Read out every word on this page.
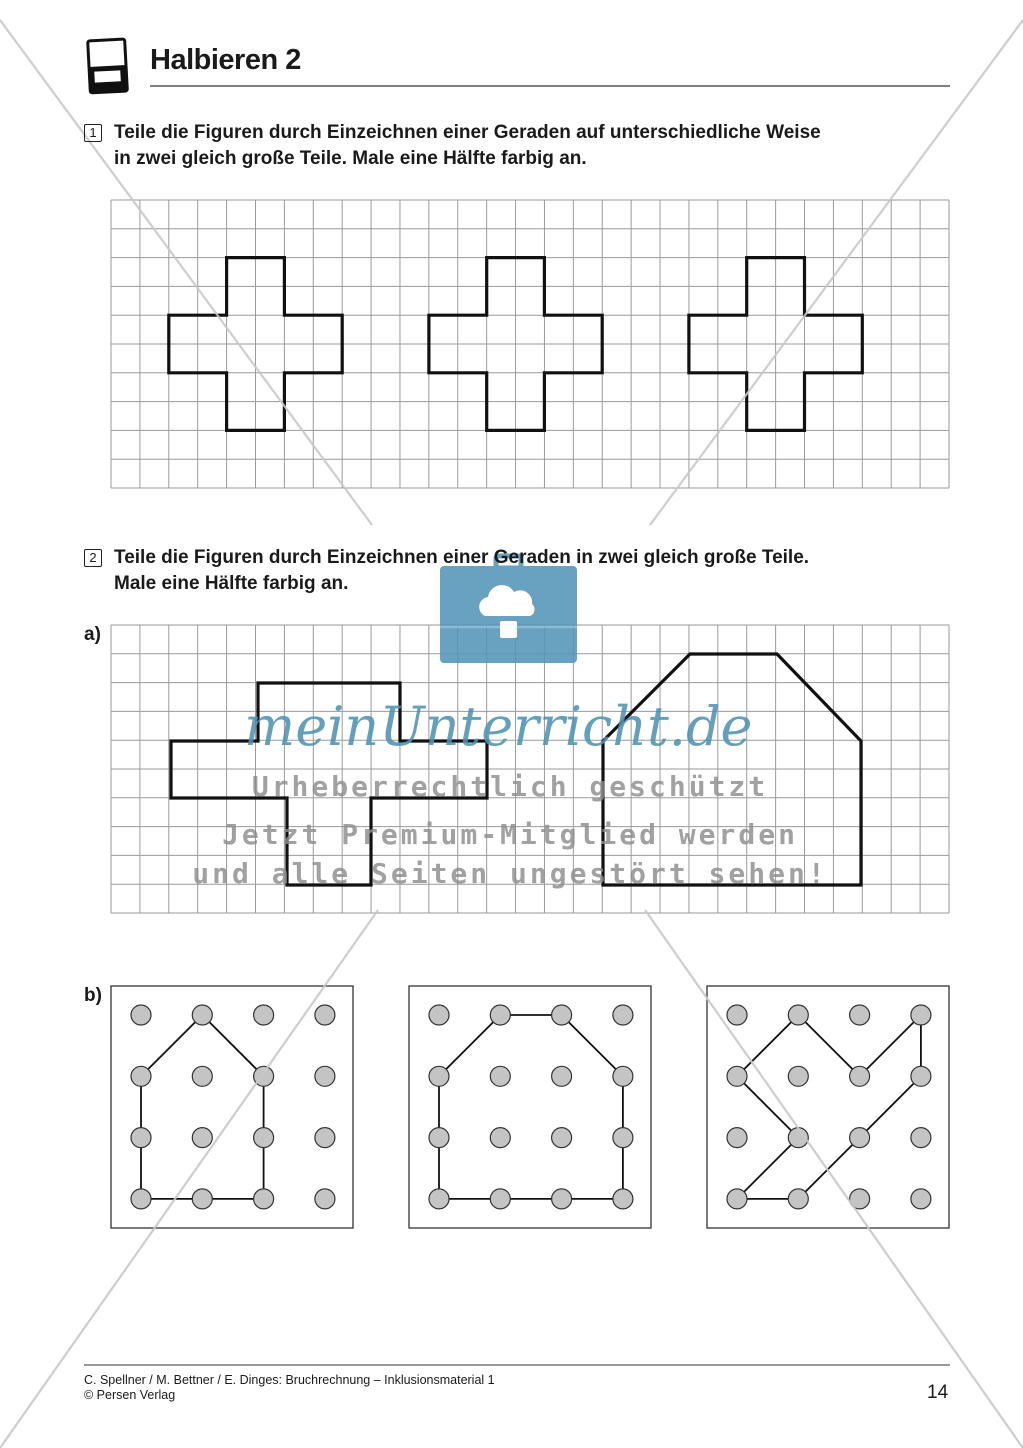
Halbieren 2
1 Teile die Figuren durch Einzeichnen einer Geraden auf unterschiedliche Weise
in zwei gleich große Teile. Male eine Hälfte farbig an.
2 Teile die Figuren durch Einzeichnen einer Geraden in zwei gleich große Teile.
Male eine Hälfte farbig an.
a)
b)
meinUnterricht.de
Urheberrechtlich geschützt
Jetzt Premium-Mitglied werden
und alle Seiten ungestört sehen!
C. Spellner / M. Bettner / E. Dinges: Bruchrechnung – Inklusionsmaterial 1
© Persen Verlag	14
